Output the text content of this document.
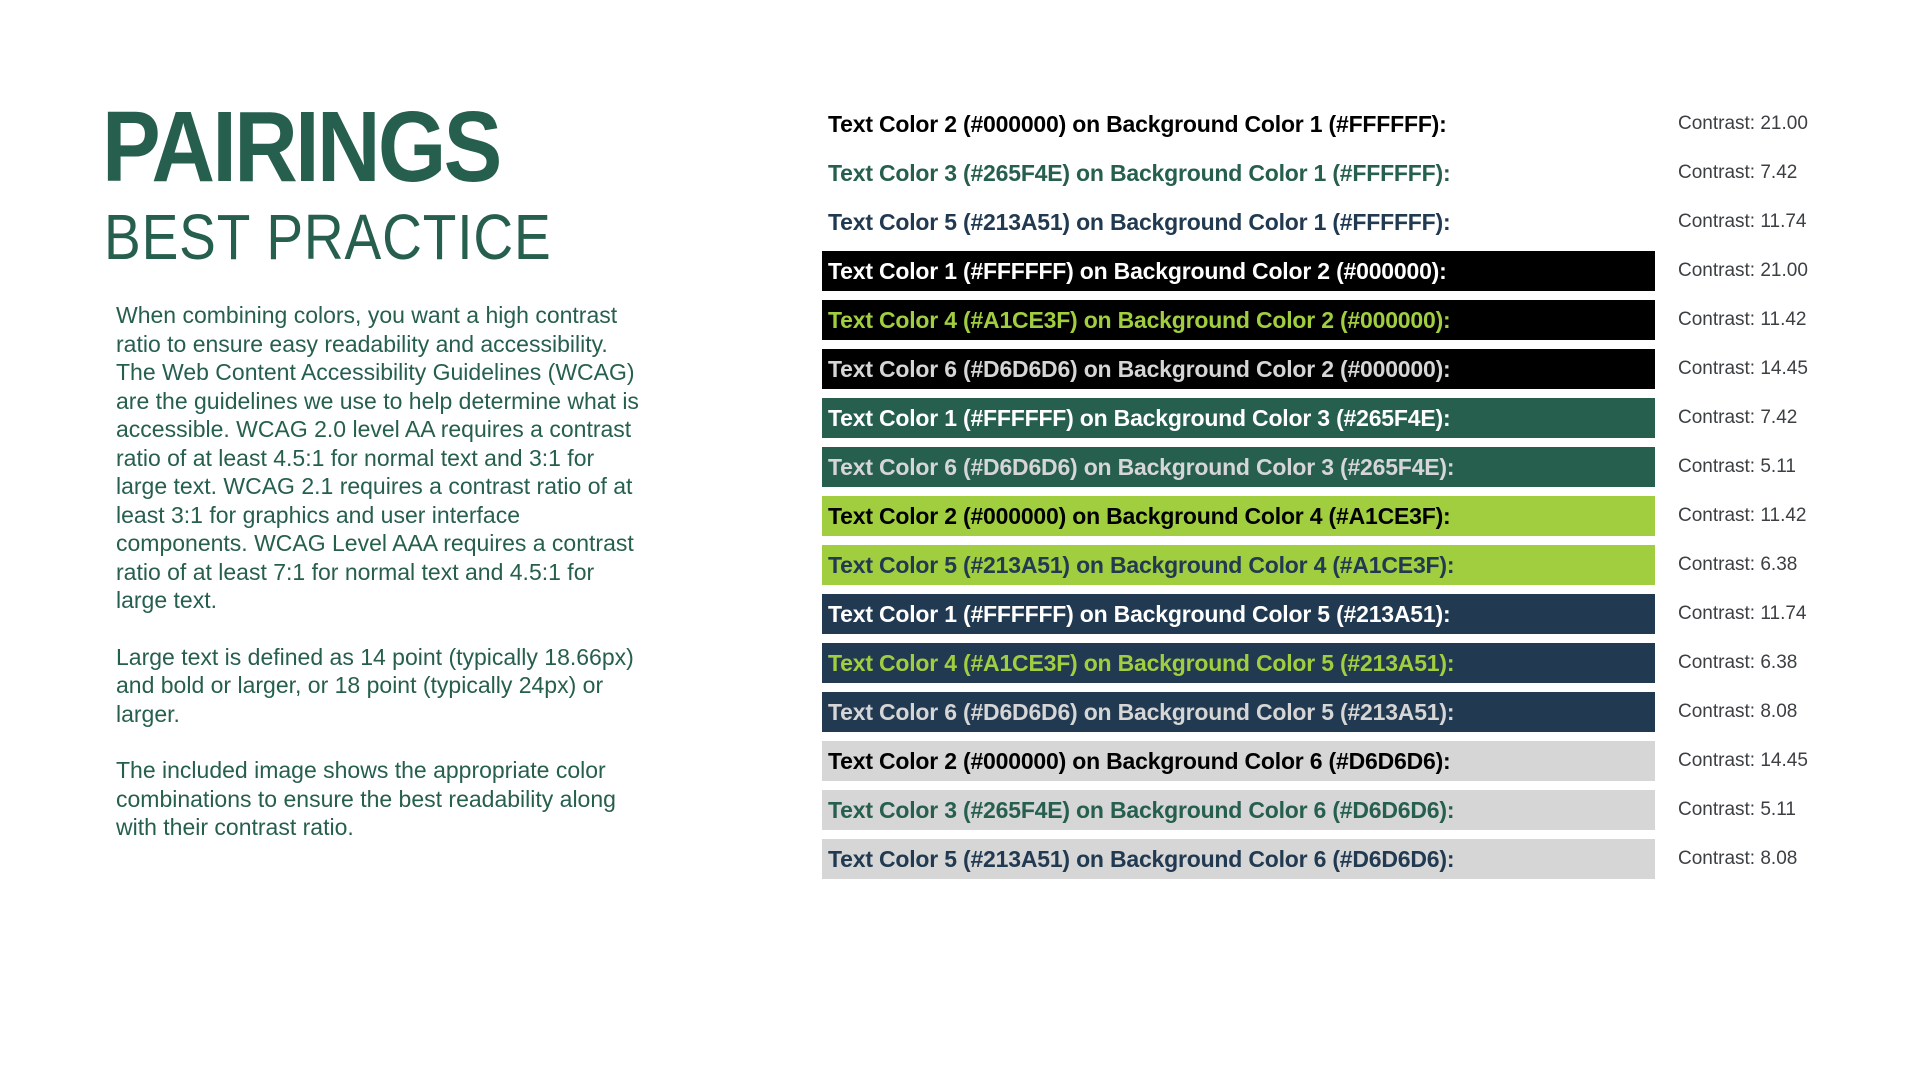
PAIRINGS
BEST PRACTICE

When combining colors, you want a high contrast ratio to ensure easy readability and accessibility. The Web Content Accessibility Guidelines (WCAG) are the guidelines we use to help determine what is accessible. WCAG 2.0 level AA requires a contrast ratio of at least 4.5:1 for normal text and 3:1 for large text. WCAG 2.1 requires a contrast ratio of at least 3:1 for graphics and user interface components. WCAG Level AAA requires a contrast ratio of at least 7:1 for normal text and 4.5:1 for large text.

Large text is defined as 14 point (typically 18.66px) and bold or larger, or 18 point (typically 24px) or larger.

The included image shows the appropriate color combinations to ensure the best readability along with their contrast ratio.

Text Color 2 (#000000) on Background Color 1 (#FFFFFF):	Contrast: 21.00
Text Color 3 (#265F4E) on Background Color 1 (#FFFFFF):	Contrast: 7.42
Text Color 5 (#213A51) on Background Color 1 (#FFFFFF):	Contrast: 11.74
Text Color 1 (#FFFFFF) on Background Color 2 (#000000):	Contrast: 21.00
Text Color 4 (#A1CE3F) on Background Color 2 (#000000):	Contrast: 11.42
Text Color 6 (#D6D6D6) on Background Color 2 (#000000):	Contrast: 14.45
Text Color 1 (#FFFFFF) on Background Color 3 (#265F4E):	Contrast: 7.42
Text Color 6 (#D6D6D6) on Background Color 3 (#265F4E):	Contrast: 5.11
Text Color 2 (#000000) on Background Color 4 (#A1CE3F):	Contrast: 11.42
Text Color 5 (#213A51) on Background Color 4 (#A1CE3F):	Contrast: 6.38
Text Color 1 (#FFFFFF) on Background Color 5 (#213A51):	Contrast: 11.74
Text Color 4 (#A1CE3F) on Background Color 5 (#213A51):	Contrast: 6.38
Text Color 6 (#D6D6D6) on Background Color 5 (#213A51):	Contrast: 8.08
Text Color 2 (#000000) on Background Color 6 (#D6D6D6):	Contrast: 14.45
Text Color 3 (#265F4E) on Background Color 6 (#D6D6D6):	Contrast: 5.11
Text Color 5 (#213A51) on Background Color 6 (#D6D6D6):	Contrast: 8.08
